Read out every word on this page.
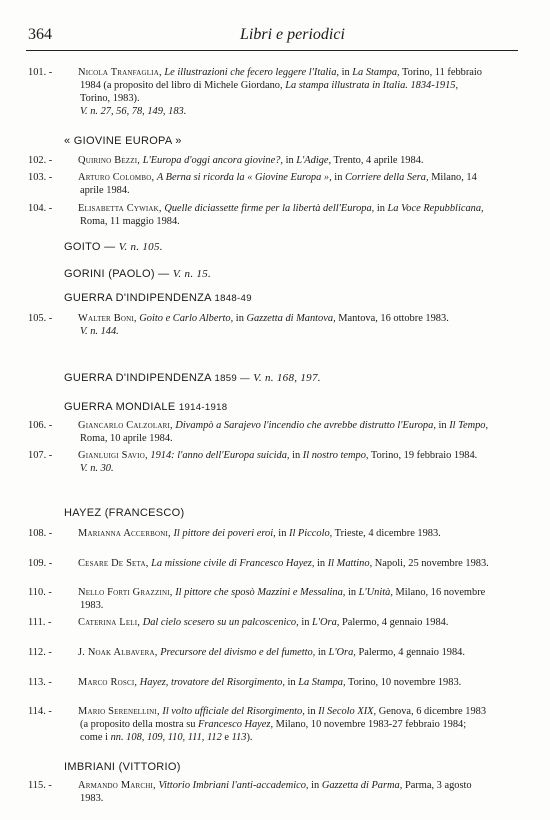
364	Libri e periodici
101. -	Nicola Tranfaglia, Le illustrazioni che fecero leggere l'Italia, in La Stampa, Torino, 11 febbraio 1984 (a proposito del libro di Michele Giordano, La stampa illustrata in Italia. 1834-1915, Torino, 1983).
V. n. 27, 56, 78, 149, 183.
« GIOVINE EUROPA »
102. -	Quirino Bezzi, L'Europa d'oggi ancora giovine?, in L'Adige, Trento, 4 aprile 1984.
103. -	Arturo Colombo, A Berna si ricorda la « Giovine Europa », in Corriere della Sera, Milano, 14 aprile 1984.
104. -	Elisabetta Cywiak, Quelle diciassette firme per la libertà dell'Europa, in La Voce Repubblicana, Roma, 11 maggio 1984.
GOITO — V. n. 105.
GORINI (PAOLO) — V. n. 15.
GUERRA D'INDIPENDENZA 1848-49
105. -	Walter Boni, Goito e Carlo Alberto, in Gazzetta di Mantova, Mantova, 16 ottobre 1983.
V. n. 144.
GUERRA D'INDIPENDENZA 1859 — V. n. 168, 197.
GUERRA MONDIALE 1914-1918
106. -	Giancarlo Calzolari, Divampò a Sarajevo l'incendio che avrebbe distrutto l'Europa, in Il Tempo, Roma, 10 aprile 1984.
107. -	Gianluigi Savio, 1914: l'anno dell'Europa suicida, in Il nostro tempo, Torino, 19 febbraio 1984.
V. n. 30.
HAYEZ (FRANCESCO)
108. -	Marianna Accerboni, Il pittore dei poveri eroi, in Il Piccolo, Trieste, 4 dicembre 1983.
109. -	Cesare De Seta, La missione civile di Francesco Hayez, in Il Mattino, Napoli, 25 novembre 1983.
110. -	Nello Forti Grazzini, Il pittore che sposò Mazzini e Messalina, in L'Unità, Milano, 16 novembre 1983.
111. -	Caterina Leli, Dal cielo scesero su un palcoscenico, in L'Ora, Palermo, 4 gennaio 1984.
112. -	J. Noak Albavera, Precursore del divismo e del fumetto, in L'Ora, Palermo, 4 gennaio 1984.
113. -	Marco Rosci, Hayez, trovatore del Risorgimento, in La Stampa, Torino, 10 novembre 1983.
114. -	Mario Serenellini, Il volto ufficiale del Risorgimento, in Il Secolo XIX, Genova, 6 dicembre 1983 (a proposito della mostra su Francesco Hayez, Milano, 10 novembre 1983-27 febbraio 1984; come i nn. 108, 109, 110, 111, 112 e 113).
IMBRIANI (VITTORIO)
115. -	Armando Marchi, Vittorio Imbriani l'anti-accademico, in Gazzetta di Parma, Parma, 3 agosto 1983.
